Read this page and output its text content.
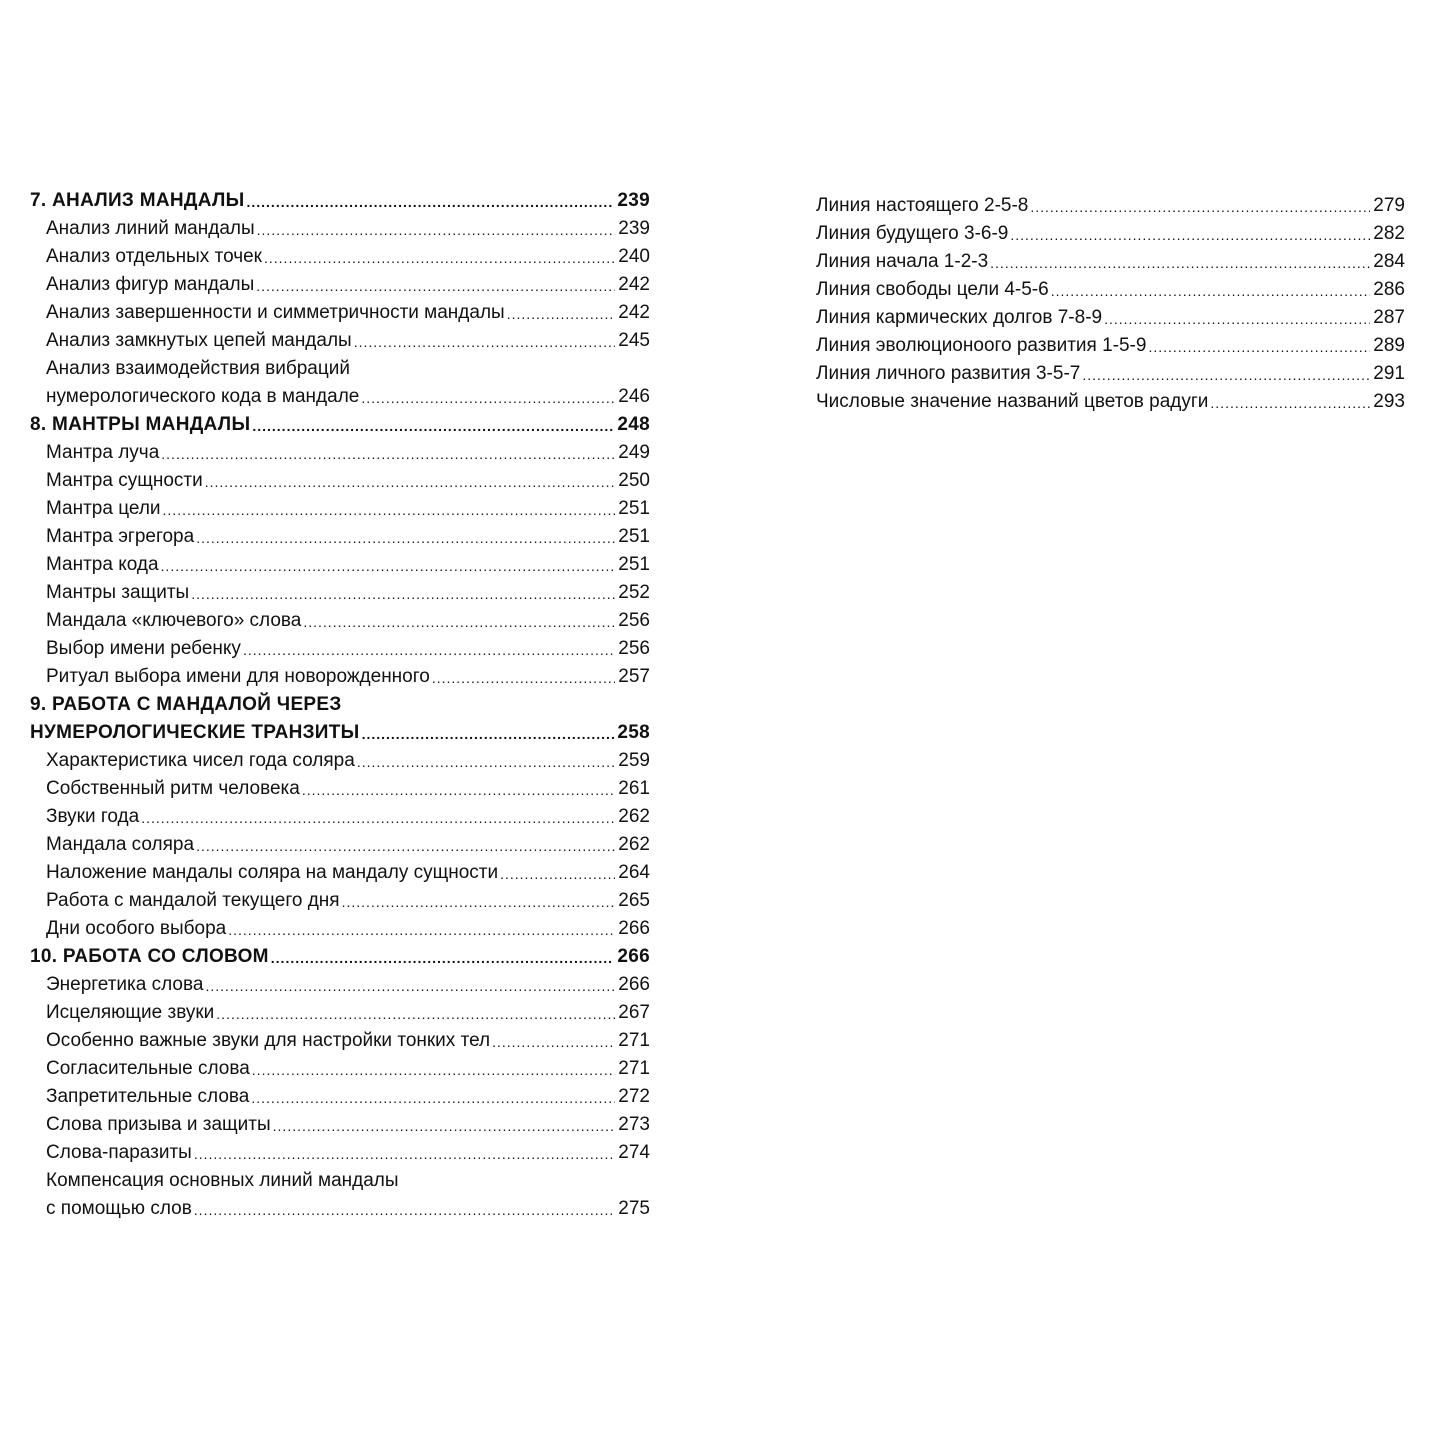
7. АНАЛИЗ МАНДАЛЫ .....	239
Анализ линий мандалы .....	239
Анализ отдельных точек .....	240
Анализ фигур мандалы .....	242
Анализ завершенности и симметричности мандалы .....	242
Анализ замкнутых цепей мандалы .....	245
Анализ взаимодействия вибраций
нумерологического кода в мандале .....	246
8. МАНТРЫ МАНДАЛЫ .....	248
Мантра луча .....	249
Мантра сущности .....	250
Мантра цели .....	251
Мантра эгрегора .....	251
Мантра кода .....	251
Мантры защиты .....	252
Мандала «ключевого» слова .....	256
Выбор имени ребенку .....	256
Ритуал выбора имени для новорожденного .....	257
9. РАБОТА С МАНДАЛОЙ ЧЕРЕЗ
НУМЕРОЛОГИЧЕСКИЕ ТРАНЗИТЫ .....	258
Характеристика чисел года соляра .....	259
Собственный ритм человека .....	261
Звуки года .....	262
Мандала соляра .....	262
Наложение мандалы соляра на мандалу сущности .....	264
Работа с мандалой текущего дня .....	265
Дни особого выбора .....	266
10. РАБОТА СО СЛОВОМ .....	266
Энергетика слова .....	266
Исцеляющие звуки .....	267
Особенно важные звуки для настройки тонких тел .....	271
Согласительные слова .....	271
Запретительные слова .....	272
Слова призыва и защиты .....	273
Слова-паразиты .....	274
Компенсация основных линий мандалы
с помощью слов .....	275
Линия настоящего 2-5-8 .....	279
Линия будущего 3-6-9 .....	282
Линия начала 1-2-3 .....	284
Линия свободы цели 4-5-6 .....	286
Линия кармических долгов 7-8-9 .....	287
Линия эволюционоого развития 1-5-9 .....	289
Линия личного развития 3-5-7 .....	291
Числовые значение названий цветов радуги .....	293
